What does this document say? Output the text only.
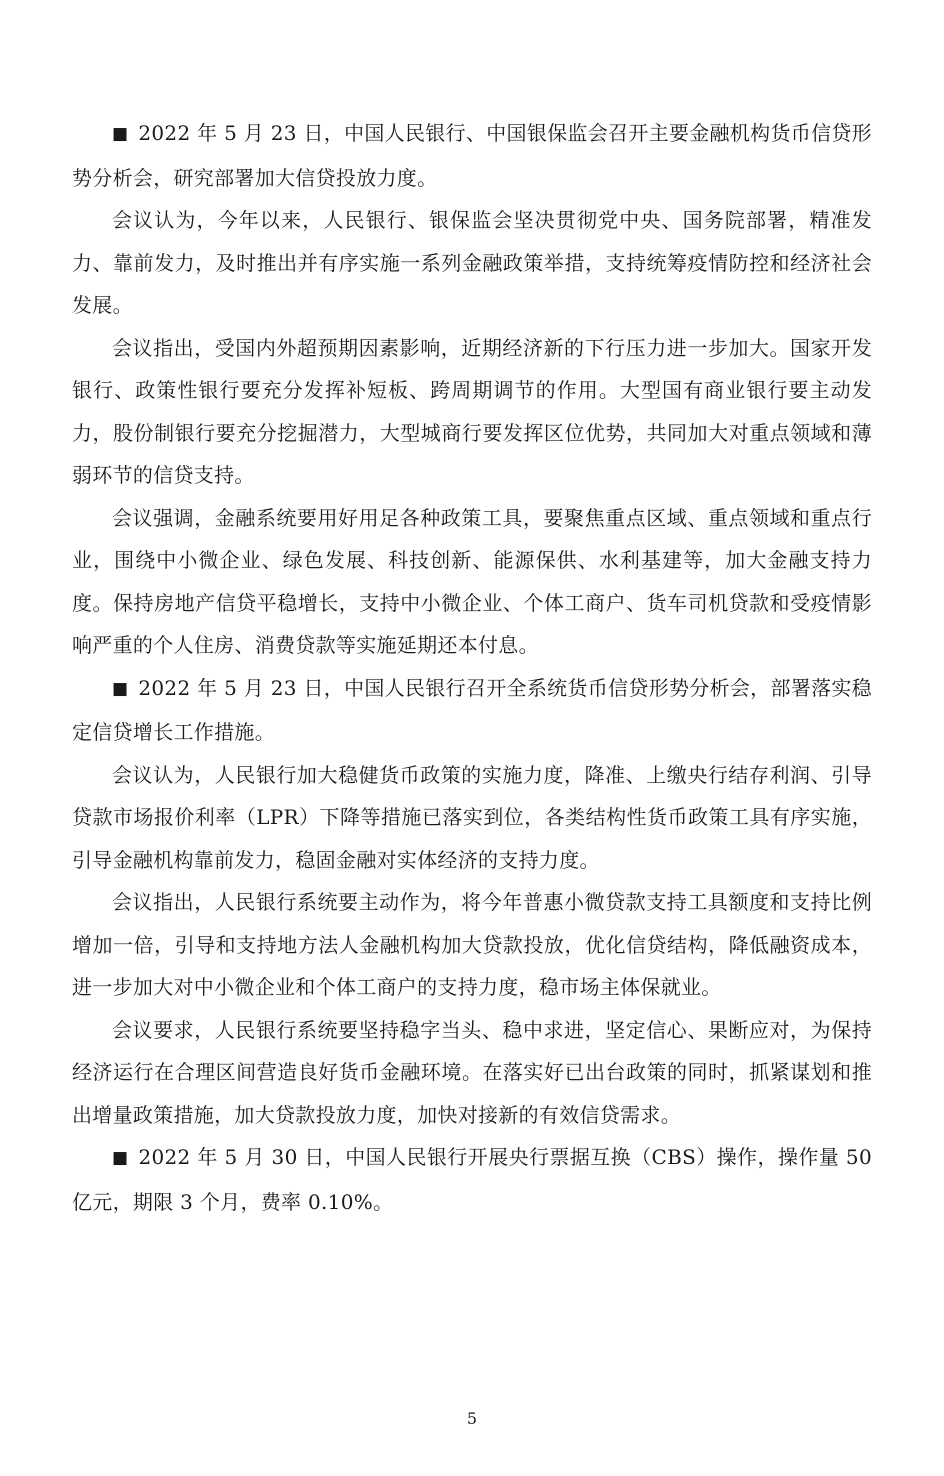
■ 2022 年 5 月 23 日，中国人民银行、中国银保监会召开主要金融机构货币信贷形势分析会，研究部署加大信贷投放力度。

会议认为，今年以来，人民银行、银保监会坚决贯彻党中央、国务院部署，精准发力、靠前发力，及时推出并有序实施一系列金融政策举措，支持统筹疫情防控和经济社会发展。

会议指出，受国内外超预期因素影响，近期经济新的下行压力进一步加大。国家开发银行、政策性银行要充分发挥补短板、跨周期调节的作用。大型国有商业银行要主动发力，股份制银行要充分挖掘潜力，大型城商行要发挥区位优势，共同加大对重点领域和薄弱环节的信贷支持。

会议强调，金融系统要用好用足各种政策工具，要聚焦重点区域、重点领域和重点行业，围绕中小微企业、绿色发展、科技创新、能源保供、水利基建等，加大金融支持力度。保持房地产信贷平稳增长，支持中小微企业、个体工商户、货车司机贷款和受疫情影响严重的个人住房、消费贷款等实施延期还本付息。

■ 2022 年 5 月 23 日，中国人民银行召开全系统货币信贷形势分析会，部署落实稳定信贷增长工作措施。

会议认为，人民银行加大稳健货币政策的实施力度，降准、上缴央行结存利润、引导贷款市场报价利率（LPR）下降等措施已落实到位，各类结构性货币政策工具有序实施，引导金融机构靠前发力，稳固金融对实体经济的支持力度。

会议指出，人民银行系统要主动作为，将今年普惠小微贷款支持工具额度和支持比例增加一倍，引导和支持地方法人金融机构加大贷款投放，优化信贷结构，降低融资成本，进一步加大对中小微企业和个体工商户的支持力度，稳市场主体保就业。

会议要求，人民银行系统要坚持稳字当头、稳中求进，坚定信心、果断应对，为保持经济运行在合理区间营造良好货币金融环境。在落实好已出台政策的同时，抓紧谋划和推出增量政策措施，加大贷款投放力度，加快对接新的有效信贷需求。

■ 2022 年 5 月 30 日，中国人民银行开展央行票据互换（CBS）操作，操作量 50 亿元，期限 3 个月，费率 0.10%。

5
